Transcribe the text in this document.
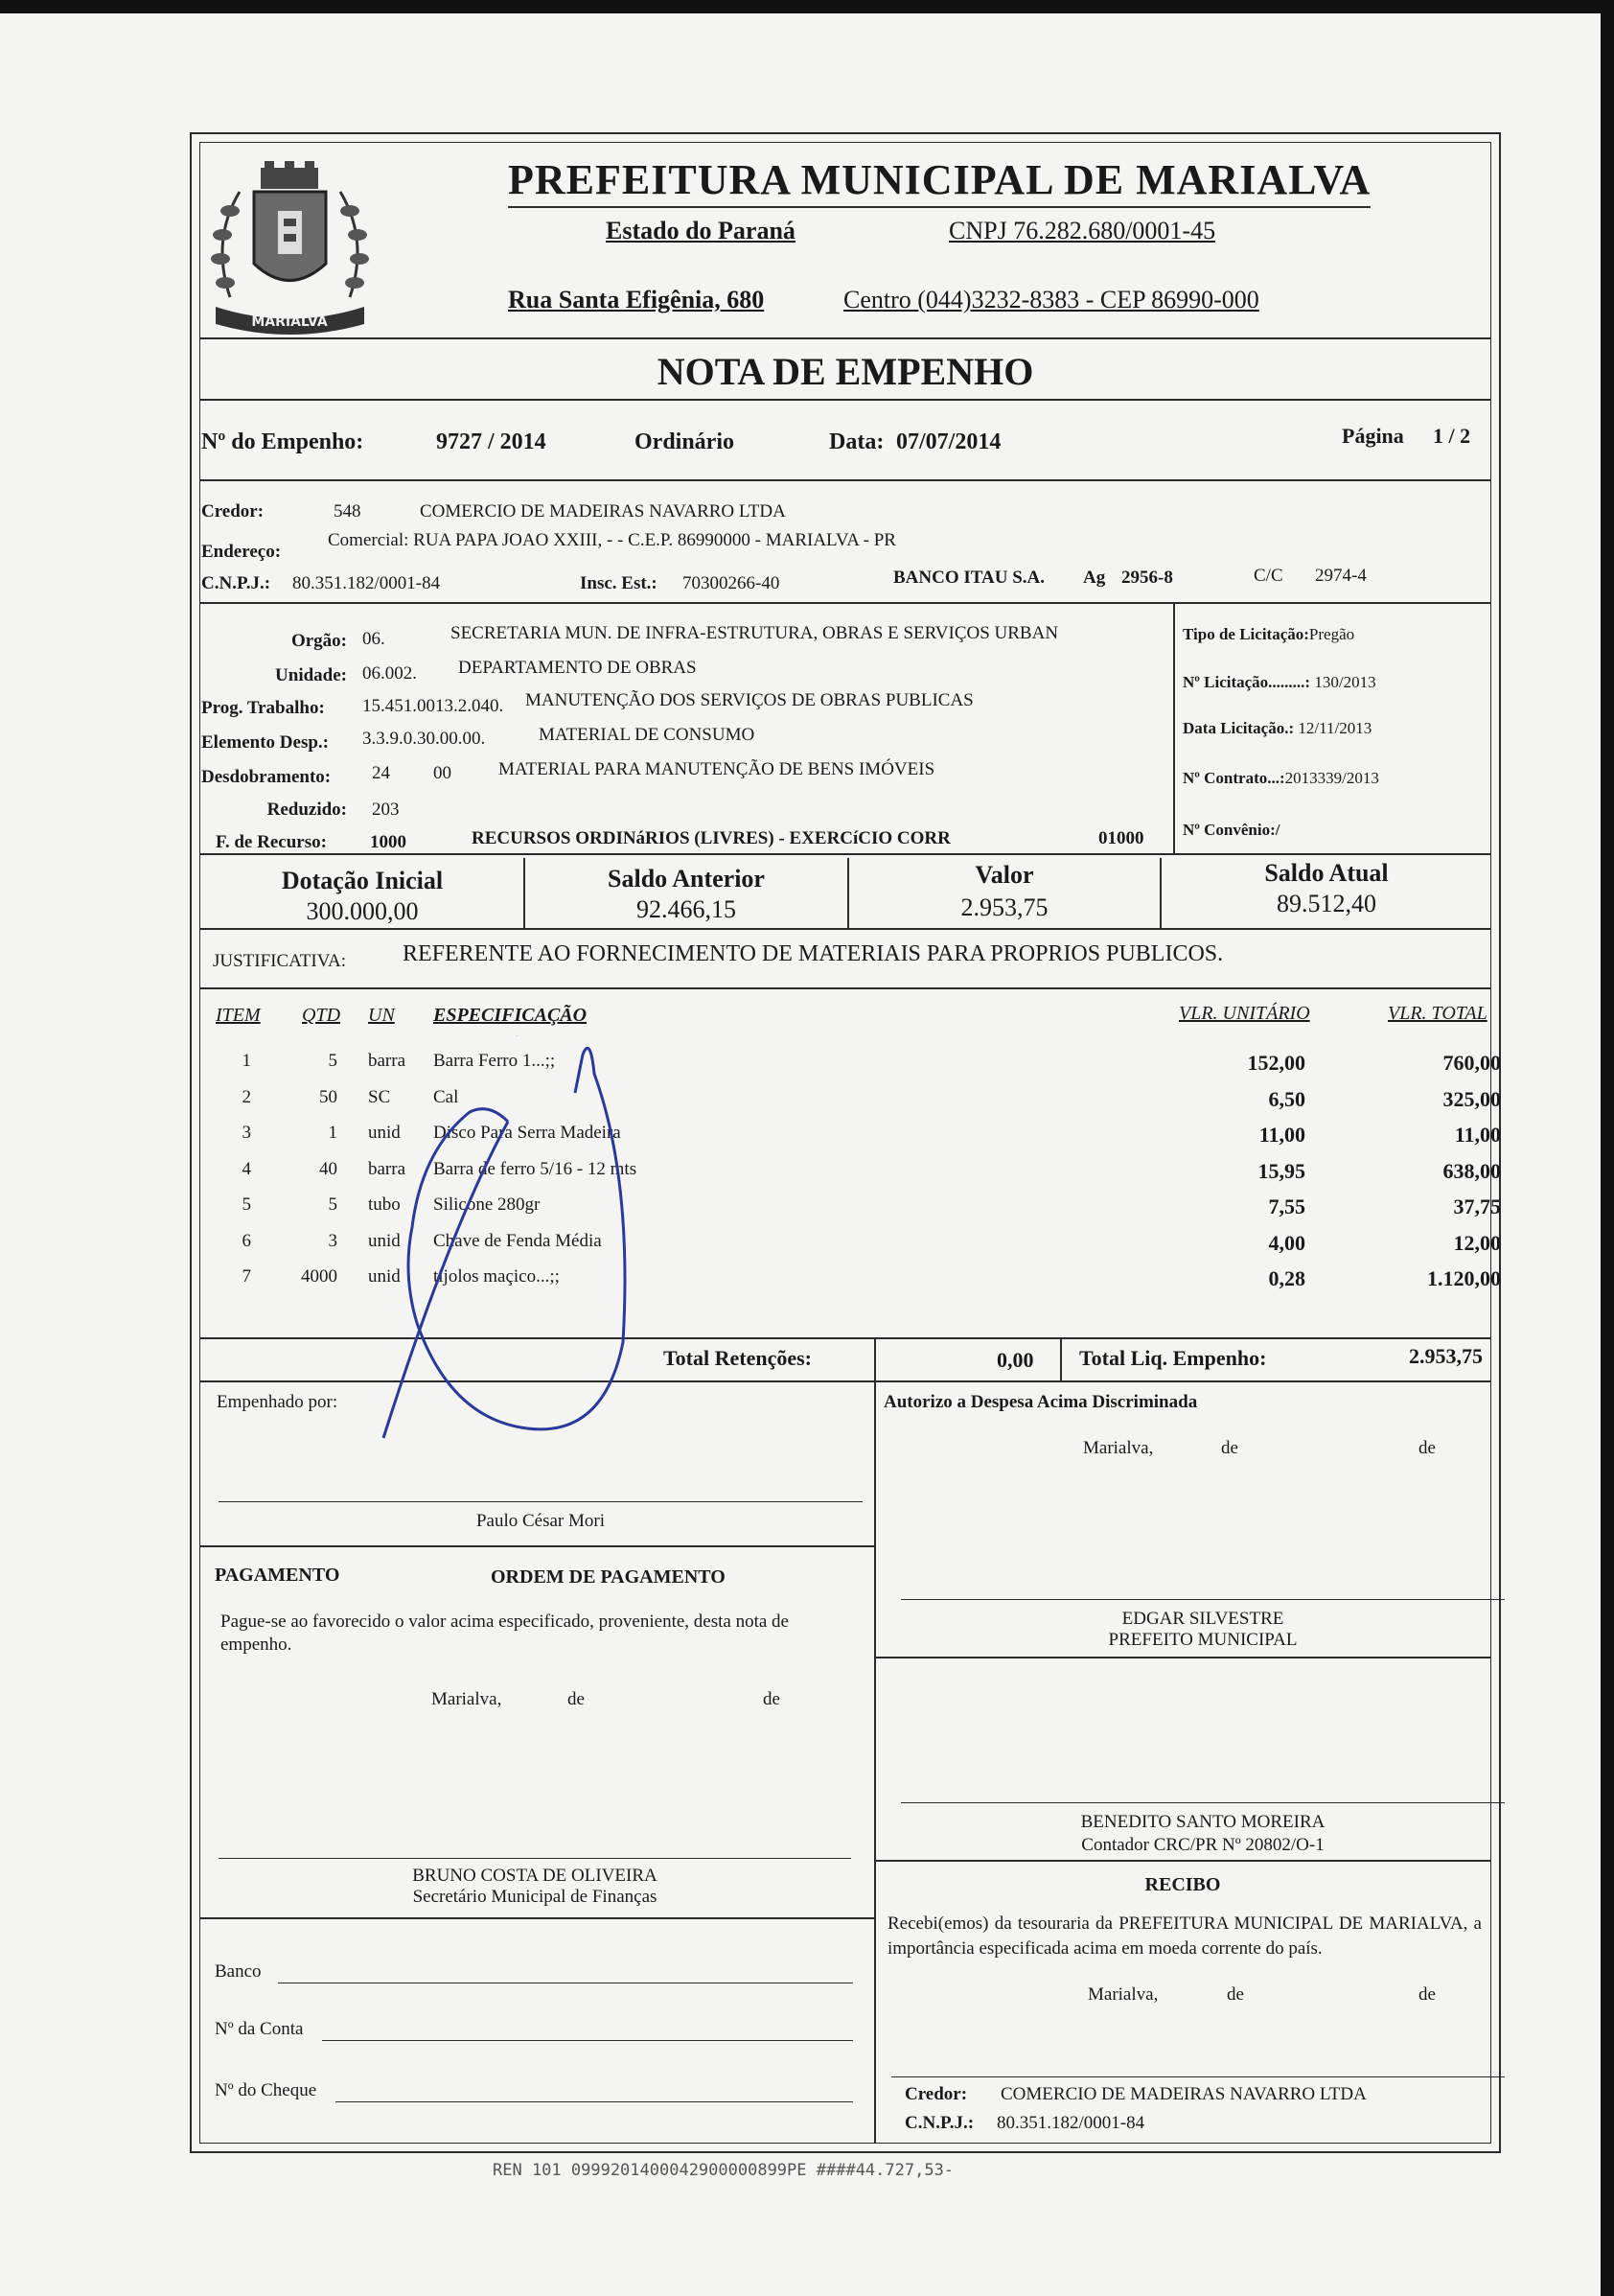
MARIALVA
PREFEITURA MUNICIPAL DE MARIALVA
Estado do Paraná	CNPJ 76.282.680/0001-45
Rua Santa Efigênia, 680	Centro (044)3232-8383 - CEP 86990-000
NOTA DE EMPENHO
Nº do Empenho:	9727 / 2014	Ordinário	Data: 07/07/2014	Página 1 / 2
Credor:	548	COMERCIO DE MADEIRAS NAVARRO LTDA
Endereço:
Comercial: RUA PAPA JOAO XXIII, - - C.E.P. 86990000 - MARIALVA - PR
C.N.P.J.: 80.351.182/0001-84	Insc. Est.: 70300266-40	BANCO ITAU S.A. Ag 2956-8	C/C 2974-4
Orgão: 06.	SECRETARIA MUN. DE INFRA-ESTRUTURA, OBRAS E SERVIÇOS URBAN
Unidade: 06.002. DEPARTAMENTO DE OBRAS
Prog. Trabalho: 15.451.0013.2.040. MANUTENÇÃO DOS SERVIÇOS DE OBRAS PUBLICAS
Elemento Desp.: 3.3.9.0.30.00.00.	MATERIAL DE CONSUMO
Desdobramento: 24 00	MATERIAL PARA MANUTENÇÃO DE BENS IMÓVEIS
Reduzido: 203
F. de Recurso: 1000	RECURSOS ORDINáRIOS (LIVRES) - EXERCíCIO CORR	01000
Tipo de Licitação:Pregão
Nº Licitação.........: 130/2013
Data Licitação.: 12/11/2013
Nº Contrato...:2013339/2013
Nº Convênio:/
Dotação Inicial
300.000,00
Saldo Anterior
92.466,15
Valor
2.953,75
Saldo Atual
89.512,40
JUSTIFICATIVA: REFERENTE AO FORNECIMENTO DE MATERIAIS PARA PROPRIOS PUBLICOS.
ITEM QTD UN ESPECIFICAÇÃO	VLR. UNITÁRIO	VLR. TOTAL
1	5 barra Barra Ferro 1...;;	152,00	760,00
2	50 SC Cal	6,50	325,00
3	1 unid Disco Para Serra Madeira	11,00	11,00
4	40 barra Barra de ferro 5/16 - 12 mts	15,95	638,00
5	5 tubo Silicone 280gr	7,55	37,75
6	3 unid Chave de Fenda Média	4,00	12,00
7	4000 unid tijolos maçico...;;	0,28	1.120,00
Total Retenções:	0,00 Total Liq. Empenho:	2.953,75
Empenhado por:
Paulo César Mori
Autorizo a Despesa Acima Discriminada
Marialva,	de	de
PAGAMENTO	ORDEM DE PAGAMENTO
Pague-se ao favorecido o valor acima especificado, proveniente, desta nota de empenho.
Marialva,	de	de
EDGAR SILVESTRE
PREFEITO MUNICIPAL
BENEDITO SANTO MOREIRA
Contador CRC/PR Nº 20802/O-1
RECIBO
Recebi(emos) da tesouraria da PREFEITURA MUNICIPAL DE MARIALVA, a importância especificada acima em moeda corrente do país.
Marialva,	de	de
BRUNO COSTA DE OLIVEIRA
Secretário Municipal de Finanças
Banco
Nº da Conta
Nº do Cheque	Credor: COMERCIO DE MADEIRAS NAVARRO LTDA
C.N.P.J.: 80.351.182/0001-84
REN 101 0999201400042900000899PE ####44.727,53-
